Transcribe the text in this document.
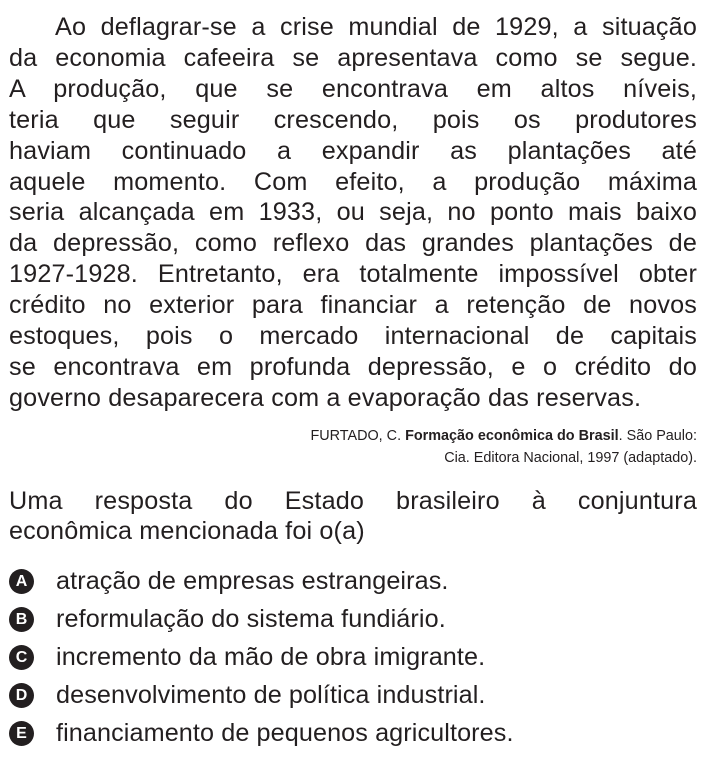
Ao deflagrar-se a crise mundial de 1929, a situação
da economia cafeeira se apresentava como se segue.
A produção, que se encontrava em altos níveis,
teria que seguir crescendo, pois os produtores
haviam continuado a expandir as plantações até
aquele momento. Com efeito, a produção máxima
seria alcançada em 1933, ou seja, no ponto mais baixo
da depressão, como reflexo das grandes plantações de
1927-1928. Entretanto, era totalmente impossível obter
crédito no exterior para financiar a retenção de novos
estoques, pois o mercado internacional de capitais
se encontrava em profunda depressão, e o crédito do
governo desaparecera com a evaporação das reservas.
FURTADO, C. Formação econômica do Brasil. São Paulo:
Cia. Editora Nacional, 1997 (adaptado).
Uma resposta do Estado brasileiro à conjuntura
econômica mencionada foi o(a)
A atração de empresas estrangeiras.
B reformulação do sistema fundiário.
C incremento da mão de obra imigrante.
D desenvolvimento de política industrial.
E financiamento de pequenos agricultores.
